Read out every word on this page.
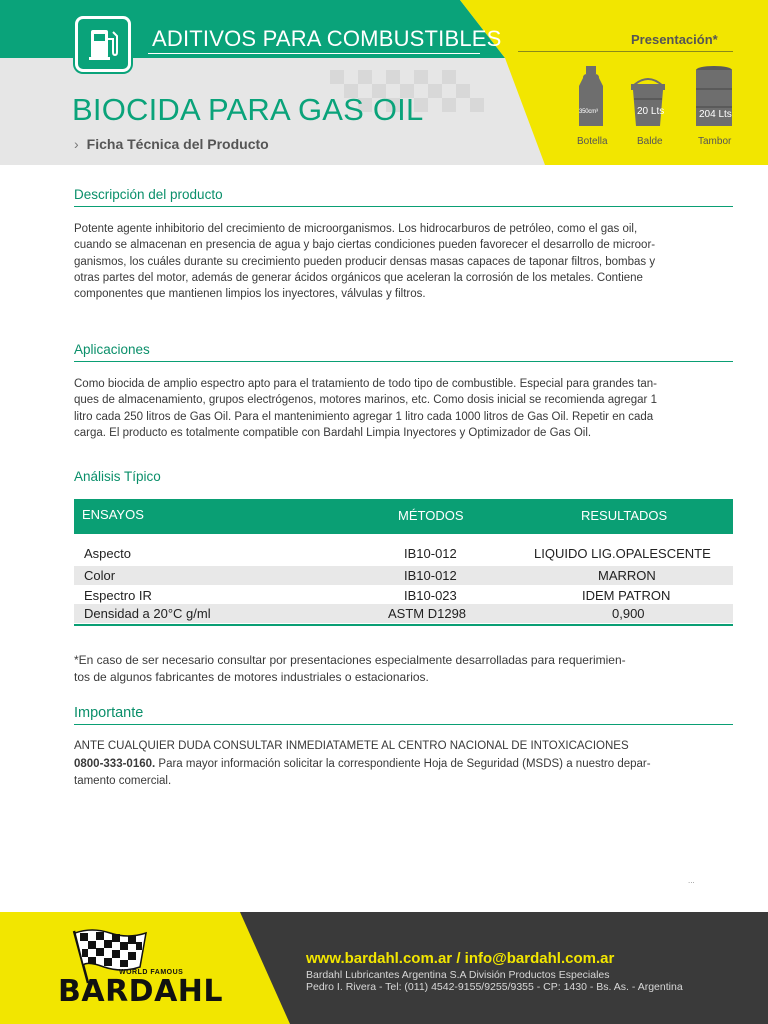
ADITIVOS PARA COMBUSTIBLES
BIOCIDA PARA GAS OIL
› Ficha Técnica del Producto
Presentación*
350cm³
Botella
20 Lts
Balde
204 Lts
Tambor
Descripción del producto
Potente agente inhibitorio del crecimiento de microorganismos. Los hidrocarburos de petróleo, como el gas oil,
cuando se almacenan en presencia de agua y bajo ciertas condiciones pueden favorecer el desarrollo de microor-
ganismos, los cuáles durante su crecimiento pueden producir densas masas capaces de taponar filtros, bombas y
otras partes del motor, además de generar ácidos orgánicos que aceleran la corrosión de los metales. Contiene
componentes que mantienen limpios los inyectores, válvulas y filtros.
Aplicaciones
Como biocida de amplio espectro apto para el tratamiento de todo tipo de combustible. Especial para grandes tan-
ques de almacenamiento, grupos electrógenos, motores marinos, etc. Como dosis inicial se recomienda agregar 1
litro cada 250 litros de Gas Oil. Para el mantenimiento agregar 1 litro cada 1000 litros de Gas Oil. Repetir en cada
carga. El producto es totalmente compatible con Bardahl Limpia Inyectores y Optimizador de Gas Oil.
Análisis Típico
ENSAYOS	MÉTODOS	RESULTADOS
Aspecto	IB10-012	LIQUIDO LIG.OPALESCENTE
Color	IB10-012	MARRON
Espectro IR	IB10-023	IDEM PATRON
Densidad a 20°C g/ml	ASTM D1298	0,900
*En caso de ser necesario consultar por presentaciones especialmente desarrolladas para requerimien-
tos de algunos fabricantes de motores industriales o estacionarios.
Importante
ANTE CUALQUIER DUDA CONSULTAR INMEDIATAMETE AL CENTRO NACIONAL DE INTOXICACIONES
0800-333-0160. Para mayor información solicitar la correspondiente Hoja de Seguridad (MSDS) a nuestro depar-
tamento comercial.
...
WORLD FAMOUS
BARDAHL
www.bardahl.com.ar / info@bardahl.com.ar
Bardahl Lubricantes Argentina S.A División Productos Especiales
Pedro I. Rivera - Tel: (011) 4542-9155/9255/9355 - CP: 1430 - Bs. As. - Argentina
